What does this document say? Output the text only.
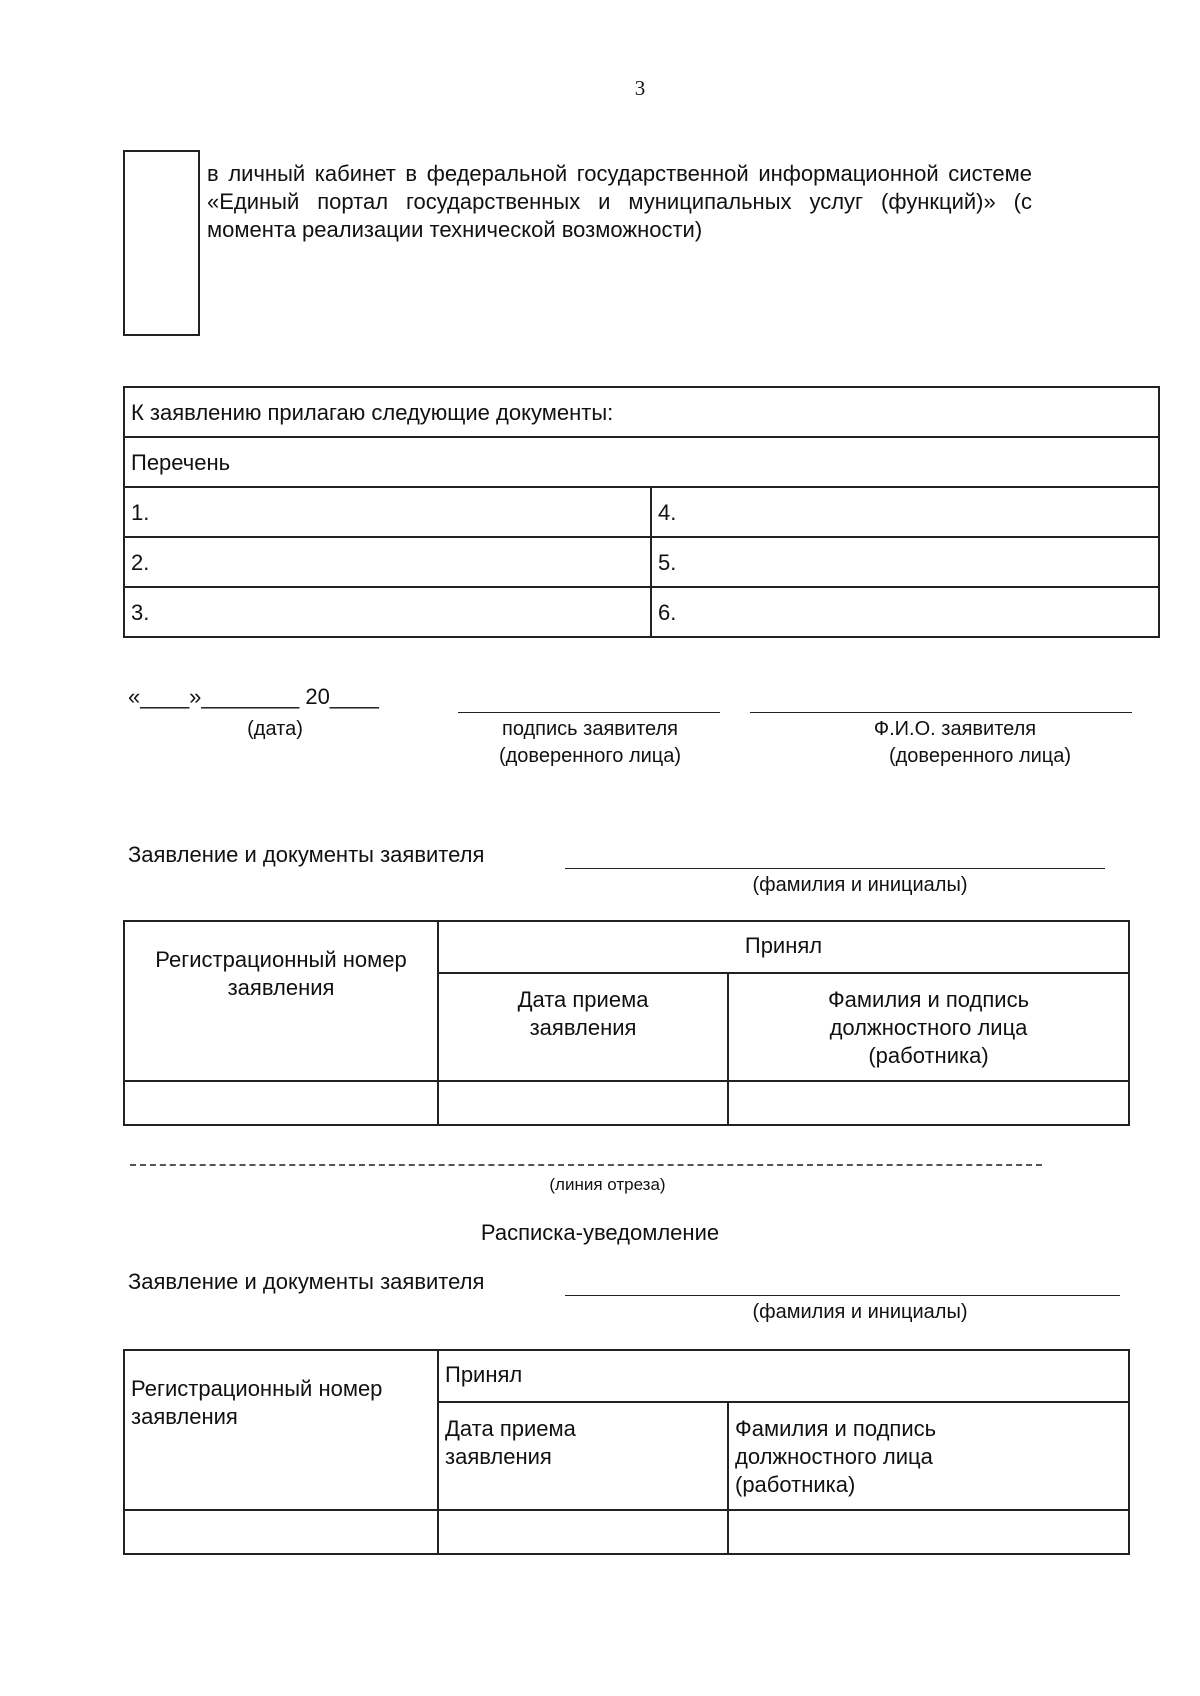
3
в личный кабинет в федеральной государственной информационной системе «Единый портал государственных и муниципальных услуг (функций)» (с момента реализации технической возможности)
К заявлению прилагаю следующие документы:	
Перечень	
1.	4.
2.	5.
3.	6.
«____»________ 20____
(дата)	подпись заявителя
(доверенного лица)
Ф.И.О. заявителя
(доверенного лица)
Заявление и документы заявителя
(фамилия и инициалы)
Регистрационный номер заявления	Принял	
	Дата приема заявления	Фамилия и подпись должностного лица (работника)

(линия отреза)
Расписка-уведомление
Заявление и документы заявителя
(фамилия и инициалы)
Регистрационный номер заявления	Принял	
	Дата приема заявления	Фамилия и подпись должностного лица (работника)
